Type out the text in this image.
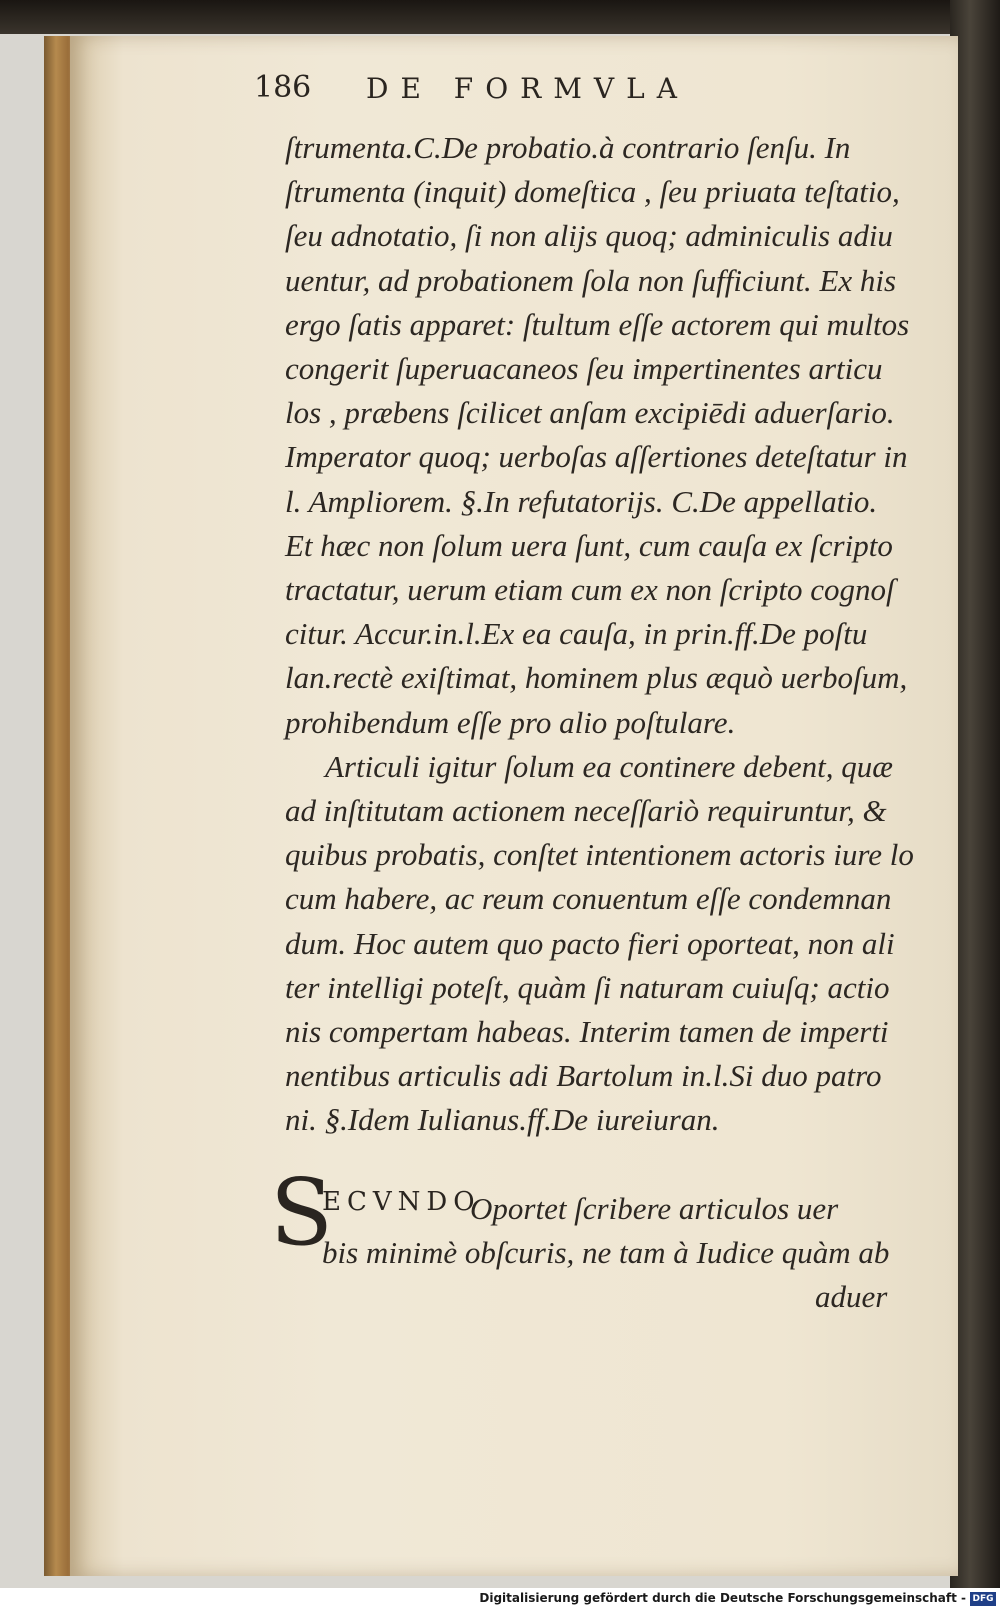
186 DE FORMVLA
ſtrumenta.C.De probatio.à contrario ſenſu. In
ſtrumenta (inquit) domeſtica , ſeu priuata teſtatio,
ſeu adnotatio, ſi non alijs quoq; adminiculis adiu
uentur, ad probationem ſola non ſufficiunt. Ex his
ergo ſatis apparet: ſtultum eſſe actorem qui multos
congerit ſuperuacaneos ſeu impertinentes articu
los , præbens ſcilicet anſam excipiēdi aduerſario.
Imperator quoq; uerboſas aſſertiones deteſtatur in
l. Ampliorem. §.In refutatorijs. C.De appellatio.
Et hæc non ſolum uera ſunt, cum cauſa ex ſcripto
tractatur, uerum etiam cum ex non ſcripto cognoſ
citur. Accur.in.l.Ex ea cauſa, in prin.ff.De poſtu
lan.rectè exiſtimat, hominem plus æquò uerboſum,
prohibendum eſſe pro alio poſtulare.
Articuli igitur ſolum ea continere debent, quæ
ad inſtitutam actionem neceſſariò requiruntur, &
quibus probatis, conſtet intentionem actoris iure lo
cum habere, ac reum conuentum eſſe condemnan
dum. Hoc autem quo pacto fieri oporteat, non ali
ter intelligi poteſt, quàm ſi naturam cuiuſq; actio
nis compertam habeas. Interim tamen de imperti
nentibus articulis adi Bartolum in.l.Si duo patro
ni. §.Idem Iulianus.ff.De iureiuran.
S
ECVNDO
Oportet ſcribere articulos uer
bis minimè obſcuris, ne tam à Iudice quàm ab
aduer
Digitalisierung gefördert durch die Deutsche Forschungsgemeinschaft - DFG
